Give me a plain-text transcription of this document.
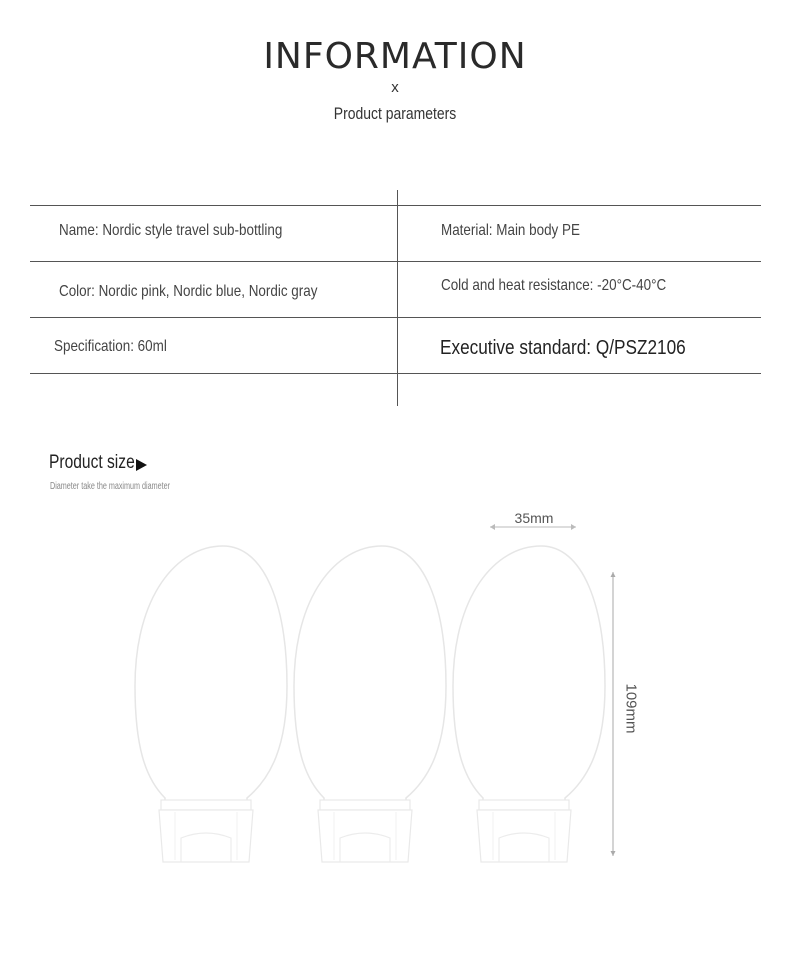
INFORMATION
x
Product parameters
Name: Nordic style travel sub-bottling	Material: Main body PE
Color: Nordic pink, Nordic blue, Nordic gray	Cold and heat resistance: -20°C-40°C
Specification: 60ml	Executive standard: Q/PSZ2106
Product size
Diameter take the maximum diameter
35mm
109mm
